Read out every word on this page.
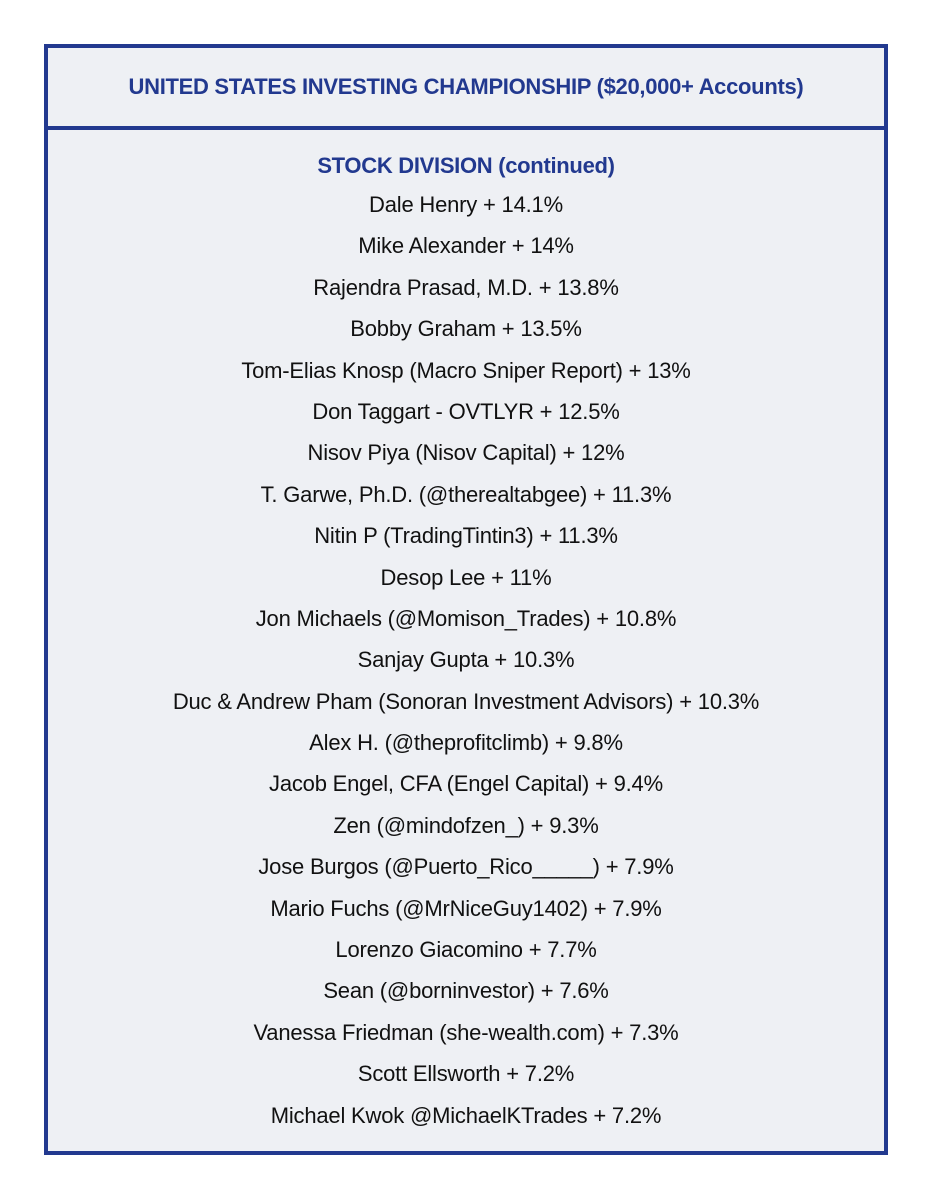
UNITED STATES INVESTING CHAMPIONSHIP ($20,000+ Accounts)
STOCK DIVISION (continued)
Dale Henry + 14.1%
Mike Alexander + 14%
Rajendra Prasad, M.D. + 13.8%
Bobby Graham + 13.5%
Tom-Elias Knosp (Macro Sniper Report) + 13%
Don Taggart - OVTLYR + 12.5%
Nisov Piya (Nisov Capital) + 12%
T. Garwe, Ph.D. (@therealtabgee) + 11.3%
Nitin P (TradingTintin3) + 11.3%
Desop Lee + 11%
Jon Michaels (@Momison_Trades) + 10.8%
Sanjay Gupta + 10.3%
Duc & Andrew Pham (Sonoran Investment Advisors) + 10.3%
Alex H. (@theprofitclimb) + 9.8%
Jacob Engel, CFA (Engel Capital) + 9.4%
Zen (@mindofzen_) + 9.3%
Jose Burgos (@Puerto_Rico_____) + 7.9%
Mario Fuchs (@MrNiceGuy1402) + 7.9%
Lorenzo Giacomino + 7.7%
Sean (@borninvestor) + 7.6%
Vanessa Friedman (she-wealth.com) + 7.3%
Scott Ellsworth + 7.2%
Michael Kwok @MichaelKTrades + 7.2%
